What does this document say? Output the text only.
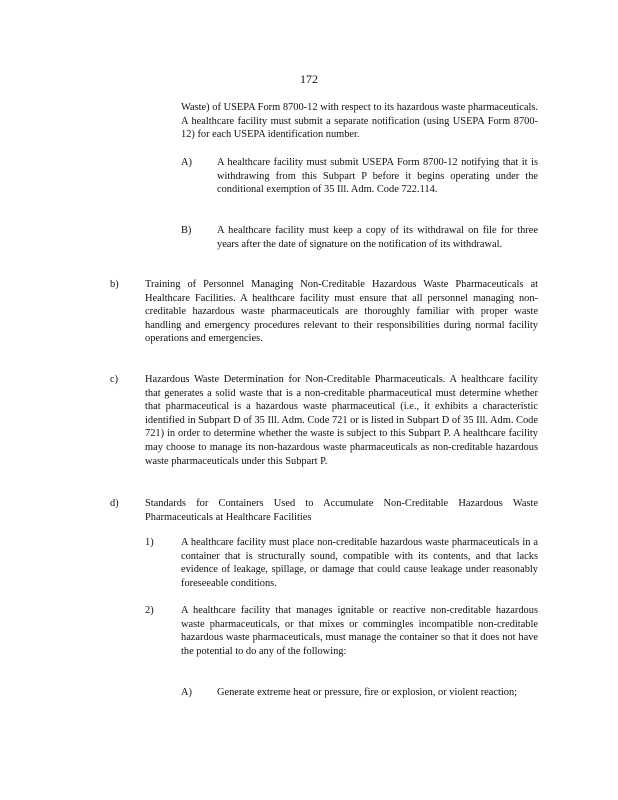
172
Waste) of USEPA Form 8700-12 with respect to its hazardous waste pharmaceuticals. A healthcare facility must submit a separate notification (using USEPA Form 8700-12) for each USEPA identification number.
A) A healthcare facility must submit USEPA Form 8700-12 notifying that it is withdrawing from this Subpart P before it begins operating under the conditional exemption of 35 Ill. Adm. Code 722.114.
B) A healthcare facility must keep a copy of its withdrawal on file for three years after the date of signature on the notification of its withdrawal.
b)	Training of Personnel Managing Non-Creditable Hazardous Waste Pharmaceuticals at Healthcare Facilities. A healthcare facility must ensure that all personnel managing non-creditable hazardous waste pharmaceuticals are thoroughly familiar with proper waste handling and emergency procedures relevant to their responsibilities during normal facility operations and emergencies.
c)	Hazardous Waste Determination for Non-Creditable Pharmaceuticals. A healthcare facility that generates a solid waste that is a non-creditable pharmaceutical must determine whether that pharmaceutical is a hazardous waste pharmaceutical (i.e., it exhibits a characteristic identified in Subpart D of 35 Ill. Adm. Code 721 or is listed in Subpart D of 35 Ill. Adm. Code 721) in order to determine whether the waste is subject to this Subpart P. A healthcare facility may choose to manage its non-hazardous waste pharmaceuticals as non-creditable hazardous waste pharmaceuticals under this Subpart P.
d)	Standards for Containers Used to Accumulate Non-Creditable Hazardous Waste Pharmaceuticals at Healthcare Facilities
1)	A healthcare facility must place non-creditable hazardous waste pharmaceuticals in a container that is structurally sound, compatible with its contents, and that lacks evidence of leakage, spillage, or damage that could cause leakage under reasonably foreseeable conditions.
2)	A healthcare facility that manages ignitable or reactive non-creditable hazardous waste pharmaceuticals, or that mixes or commingles incompatible non-creditable hazardous waste pharmaceuticals, must manage the container so that it does not have the potential to do any of the following:
A) Generate extreme heat or pressure, fire or explosion, or violent reaction;
